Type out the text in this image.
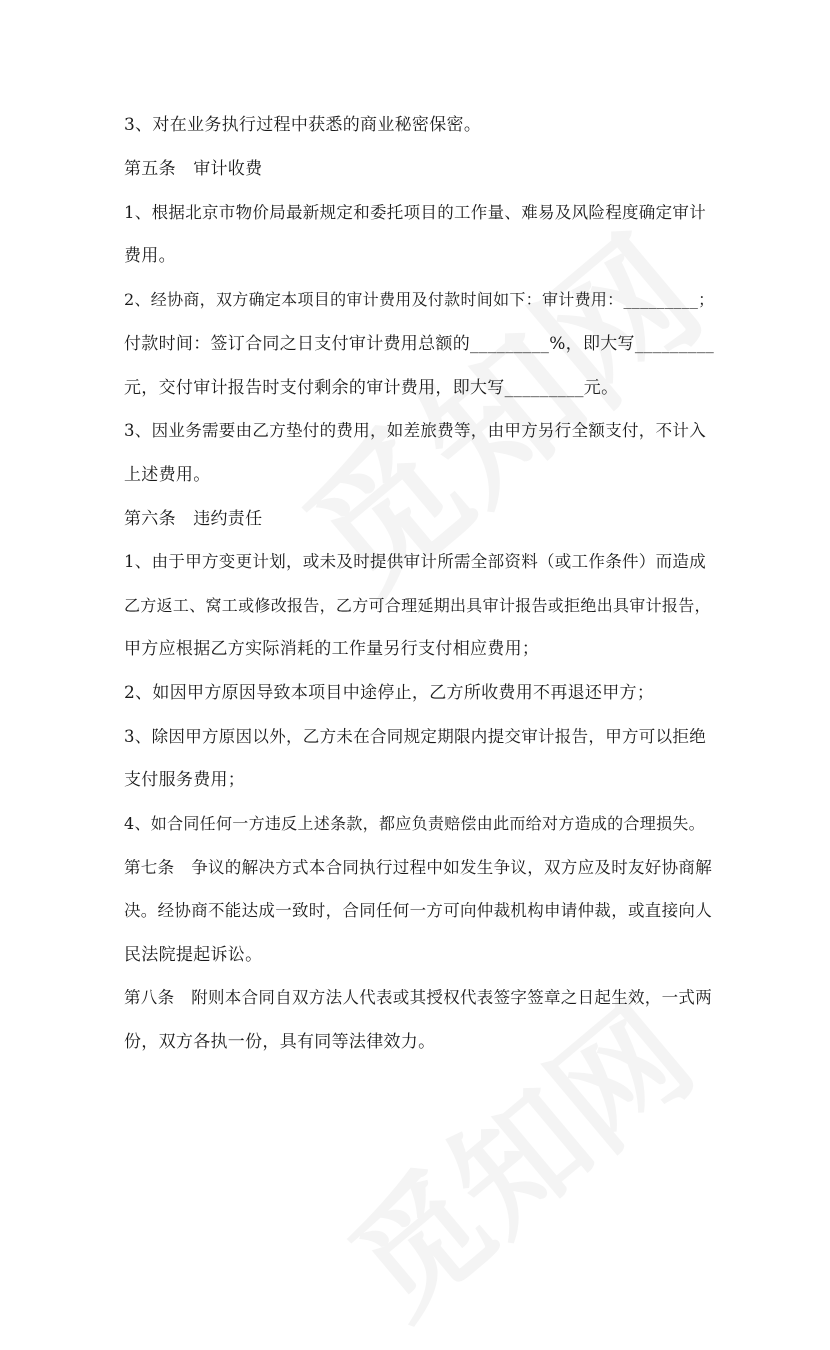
3、对在业务执行过程中获悉的商业秘密保密。
第五条　审计收费
1、根据北京市物价局最新规定和委托项目的工作量、难易及风险程度确定审计
费用。
2、经协商，双方确定本项目的审计费用及付款时间如下：审计费用：_________；
付款时间：签订合同之日支付审计费用总额的_________%，即大写_________
元，交付审计报告时支付剩余的审计费用，即大写_________元。
3、因业务需要由乙方垫付的费用，如差旅费等，由甲方另行全额支付，不计入
上述费用。
第六条　违约责任
1、由于甲方变更计划，或未及时提供审计所需全部资料（或工作条件）而造成
乙方返工、窝工或修改报告，乙方可合理延期出具审计报告或拒绝出具审计报告，
甲方应根据乙方实际消耗的工作量另行支付相应费用；
2、如因甲方原因导致本项目中途停止，乙方所收费用不再退还甲方；
3、除因甲方原因以外，乙方未在合同规定期限内提交审计报告，甲方可以拒绝
支付服务费用；
4、如合同任何一方违反上述条款，都应负责赔偿由此而给对方造成的合理损失。
第七条　争议的解决方式本合同执行过程中如发生争议，双方应及时友好协商解
决。经协商不能达成一致时，合同任何一方可向仲裁机构申请仲裁，或直接向人
民法院提起诉讼。
第八条　附则本合同自双方法人代表或其授权代表签字签章之日起生效，一式两
份，双方各执一份，具有同等法律效力。
